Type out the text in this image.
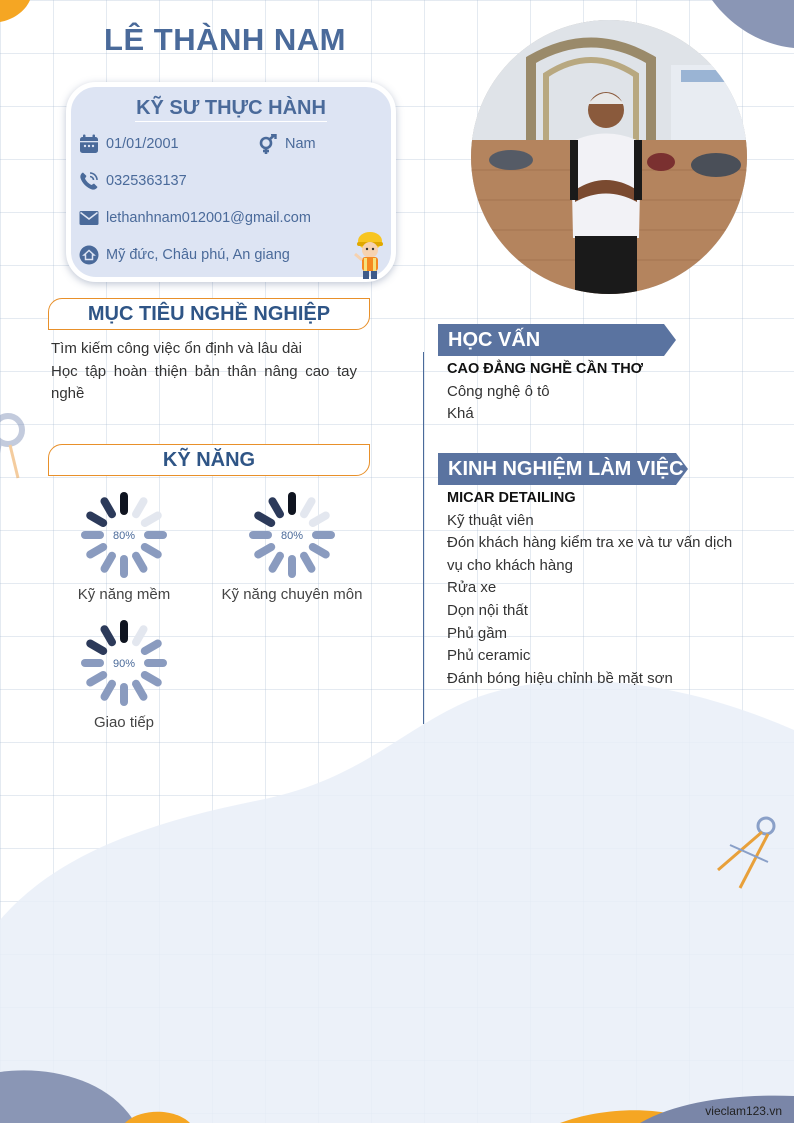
LÊ THÀNH NAM
KỸ SƯ THỰC HÀNH
01/01/2001	Nam
0325363137
lethanhnam012001@gmail.com
Mỹ đức, Châu phú, An giang
MỤC TIÊU NGHỀ NGHIỆP
Tìm kiếm công việc ổn định và lâu dài
Học tập hoàn thiện bản thân nâng cao tay nghề
KỸ NĂNG
80%
Kỹ năng mềm
80%
Kỹ năng chuyên môn
90%
Giao tiếp
HỌC VẤN
CAO ĐẲNG NGHỀ CẦN THƠ
Công nghệ ô tô
Khá
KINH NGHIỆM LÀM VIỆC
MICAR DETAILING
Kỹ thuật viên
Đón khách hàng kiểm tra xe và tư vấn dịch
vụ cho khách hàng
Rửa xe
Dọn nội thất
Phủ gầm
Phủ ceramic
Đánh bóng hiệu chỉnh bề mặt sơn
vieclam123.vn
